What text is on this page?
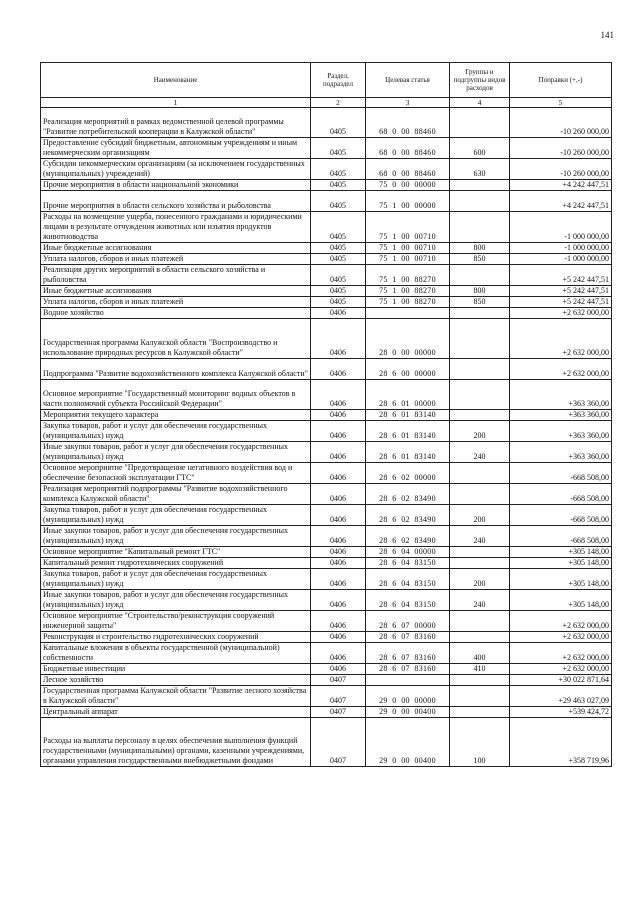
141
Наименование	Раздел, подраздел	Целевая статья	Группы и подгруппы видов расходов	Поправки (+,-)
1	2	3	4	5
Реализация мероприятий в рамках ведомственной целевой программы "Развитие потребительской кооперации в Калужской области"	0405	68  0  00  88460		-10 260 000,00
Предоставление субсидий бюджетным, автономным учреждениям и иным некоммерческим организациям	0405	68  0  00  88460	600	-10 260 000,00
Субсидии некоммерческим организациям (за исключением государственных (муниципальных) учреждений)	0405	68  0  00  88460	630	-10 260 000,00
Прочие мероприятия в области национальной экономики	0405	75  0  00  00000		+4 242 447,51
Прочие мероприятия в области сельского хозяйства и рыболовства	0405	75  1  00  00000		+4 242 447,51
Расходы на возмещение ущерба, понесенного гражданами и юридическими лицами в результате отчуждения животных или изъятия продуктов животноводства	0405	75  1  00  00710		-1 000 000,00
Иные бюджетные ассигнования	0405	75  1  00  00710	800	-1 000 000,00
Уплата налогов, сборов и иных платежей	0405	75  1  00  00710	850	-1 000 000,00
Реализация других мероприятий в области сельского хозяйства и рыболовства	0405	75  1  00  88270		+5 242 447,51
Иные бюджетные ассигнования	0405	75  1  00  88270	800	+5 242 447,51
Уплата налогов, сборов и иных платежей	0405	75  1  00  88270	850	+5 242 447,51
Водное хозяйство	0406			+2 632 000,00
Государственная программа Калужской области "Воспроизводство и использование природных ресурсов в Калужской области"	0406	28  0  00  00000		+2 632 000,00
Подпрограмма "Развитие водохозяйственного комплекса Калужской области"	0406	28  6  00  00000		+2 632 000,00
Основное мероприятие "Государственный мониторинг водных объектов в части полномочий субъекта Российской Федерации"	0406	28  6  01  00000		+363 360,00
Мероприятия текущего характера	0406	28  6  01  83140		+363 360,00
Закупка товаров, работ и услуг для обеспечения государственных (муниципальных) нужд	0406	28  6  01  83140	200	+363 360,00
Иные закупки товаров, работ и услуг для обеспечения государственных (муниципальных) нужд	0406	28  6  01  83140	240	+363 360,00
Основное мероприятие "Предотвращение негативного воздействия вод и обеспечение безопасной эксплуатации ГТС"	0406	28  6  02  00000		-668 508,00
Реализация мероприятий подпрограммы "Развитие водохозяйственного комплекса Калужской области"	0406	28  6  02  83490		-668 508,00
Закупка товаров, работ и услуг для обеспечения государственных (муниципальных) нужд	0406	28  6  02  83490	200	-668 508,00
Иные закупки товаров, работ и услуг для обеспечения государственных (муниципальных) нужд	0406	28  6  02  83490	240	-668 508,00
Основное мероприятие "Капитальный ремонт ГТС"	0406	28  6  04  00000		+305 148,00
Капитальный ремонт гидротехнических сооружений	0406	28  6  04  83150		+305 148,00
Закупка товаров, работ и услуг для обеспечения государственных (муниципальных) нужд	0406	28  6  04  83150	200	+305 148,00
Иные закупки товаров, работ и услуг для обеспечения государственных (муниципальных) нужд	0406	28  6  04  83150	240	+305 148,00
Основное мероприятие "Строительство/реконструкция сооружений инженерной защиты"	0406	28  6  07  00000		+2 632 000,00
Реконструкция и строительство гидротехнических сооружений	0406	28  6  07  83160		+2 632 000,00
Капитальные вложения в объекты государственной (муниципальной) собственности	0406	28  6  07  83160	400	+2 632 000,00
Бюджетные инвестиции	0406	28  6  07  83160	410	+2 632 000,00
Лесное хозяйство	0407			+30 022 871,64
Государственная программа Калужской области "Развитие лесного хозяйства в Калужской области"	0407	29  0  00  00000		+29 463 027,09
Центральный аппарат	0407	29  0  00  00400		+539 424,72
Расходы на выплаты персоналу в целях обеспечения выполнения функций государственными (муниципальными) органами, казенными учреждениями, органами управления государственными внебюджетными фондами	0407	29  0  00  00400	100	+358 719,96
